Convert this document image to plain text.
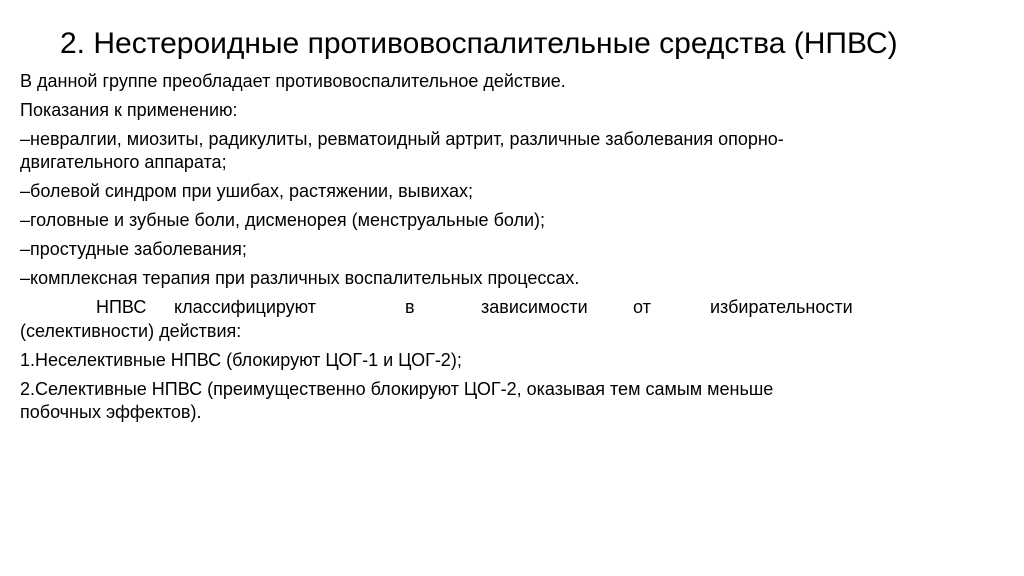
2. Нестероидные противовоспалительные средства (НПВС)
В данной группе преобладает противовоспалительное действие.
Показания к применению:
–невралгии, миозиты, радикулиты, ревматоидный артрит, различные заболевания опорно-
двигательного аппарата;
–болевой синдром при ушибах, растяжении, вывихах;
–головные и зубные боли, дисменорея (менструальные боли);
–простудные заболевания;
–комплексная терапия при различных воспалительных процессах.
НПВС классифицируют	в	зависимости	от	избирательности
(селективности) действия:
1.Неселективные НПВС (блокируют ЦОГ-1 и ЦОГ-2);
2.Селективные НПВС (преимущественно блокируют ЦОГ-2, оказывая тем самым меньше
побочных эффектов).
